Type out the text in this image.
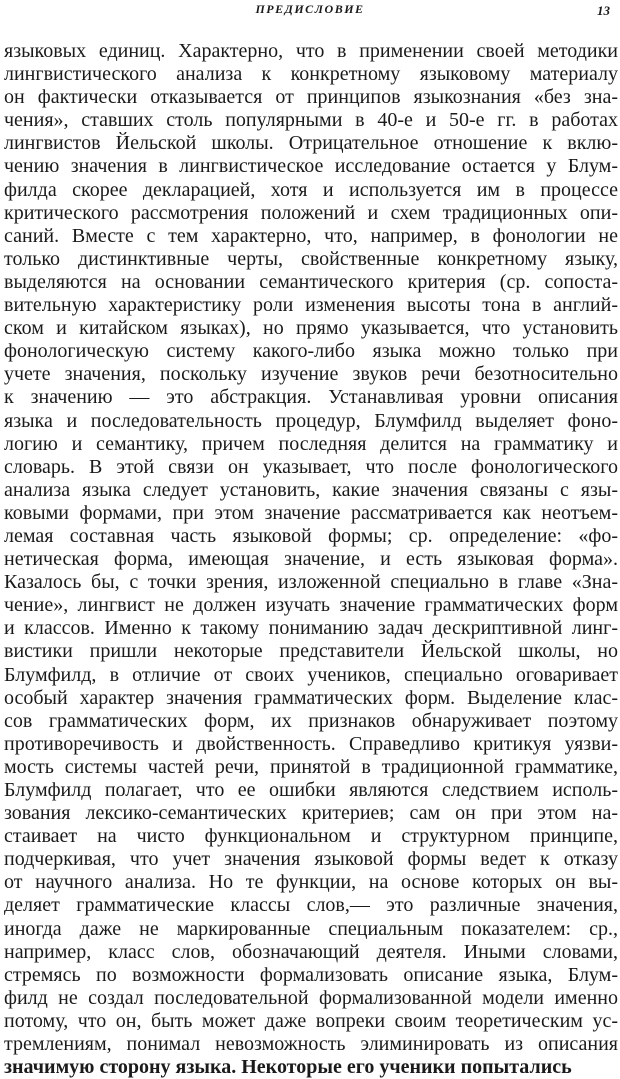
ПРЕДИСЛОВИЕ	13
языковых единиц. Характерно, что в применении своей методики
лингвистического анализа к конкретному языковому материалу
он фактически отказывается от принципов языкознания «без зна-
чения», ставших столь популярными в 40-е и 50-е гг. в работах
лингвистов Йельской школы. Отрицательное отношение к вклю-
чению значения в лингвистическое исследование остается у Блум-
филда скорее декларацией, хотя и используется им в процессе
критического рассмотрения положений и схем традиционных опи-
саний. Вместе с тем характерно, что, например, в фонологии не
только дистинктивные черты, свойственные конкретному языку,
выделяются на основании семантического критерия (ср. сопоста-
вительную характеристику роли изменения высоты тона в англий-
ском и китайском языках), но прямо указывается, что установить
фонологическую систему какого-либо языка можно только при
учете значения, поскольку изучение звуков речи безотносительно
к значению — это абстракция. Устанавливая уровни описания
языка и последовательность процедур, Блумфилд выделяет фоно-
логию и семантику, причем последняя делится на грамматику и
словарь. В этой связи он указывает, что после фонологического
анализа языка следует установить, какие значения связаны с язы-
ковыми формами, при этом значение рассматривается как неотъем-
лемая составная часть языковой формы; ср. определение: «фо-
нетическая форма, имеющая значение, и есть языковая форма».
Казалось бы, с точки зрения, изложенной специально в главе «Зна-
чение», лингвист не должен изучать значение грамматических форм
и классов. Именно к такому пониманию задач дескриптивной линг-
вистики пришли некоторые представители Йельской школы, но
Блумфилд, в отличие от своих учеников, специально оговаривает
особый характер значения грамматических форм. Выделение клас-
сов грамматических форм, их признаков обнаруживает поэтому
противоречивость и двойственность. Справедливо критикуя уязви-
мость системы частей речи, принятой в традиционной грамматике,
Блумфилд полагает, что ее ошибки являются следствием исполь-
зования лексико-семантических критериев; сам он при этом на-
стаивает на чисто функциональном и структурном принципе,
подчеркивая, что учет значения языковой формы ведет к отказу
от научного анализа. Но те функции, на основе которых он вы-
деляет грамматические классы слов,— это различные значения,
иногда даже не маркированные специальным показателем: ср.,
например, класс слов, обозначающий деятеля. Иными словами,
стремясь по возможности формализовать описание языка, Блум-
филд не создал последовательной формализованной модели именно
потому, что он, быть может даже вопреки своим теоретическим ус-
тремлениям, понимал невозможность элиминировать из описания
значимую сторону языка. Некоторые его ученики попытались
